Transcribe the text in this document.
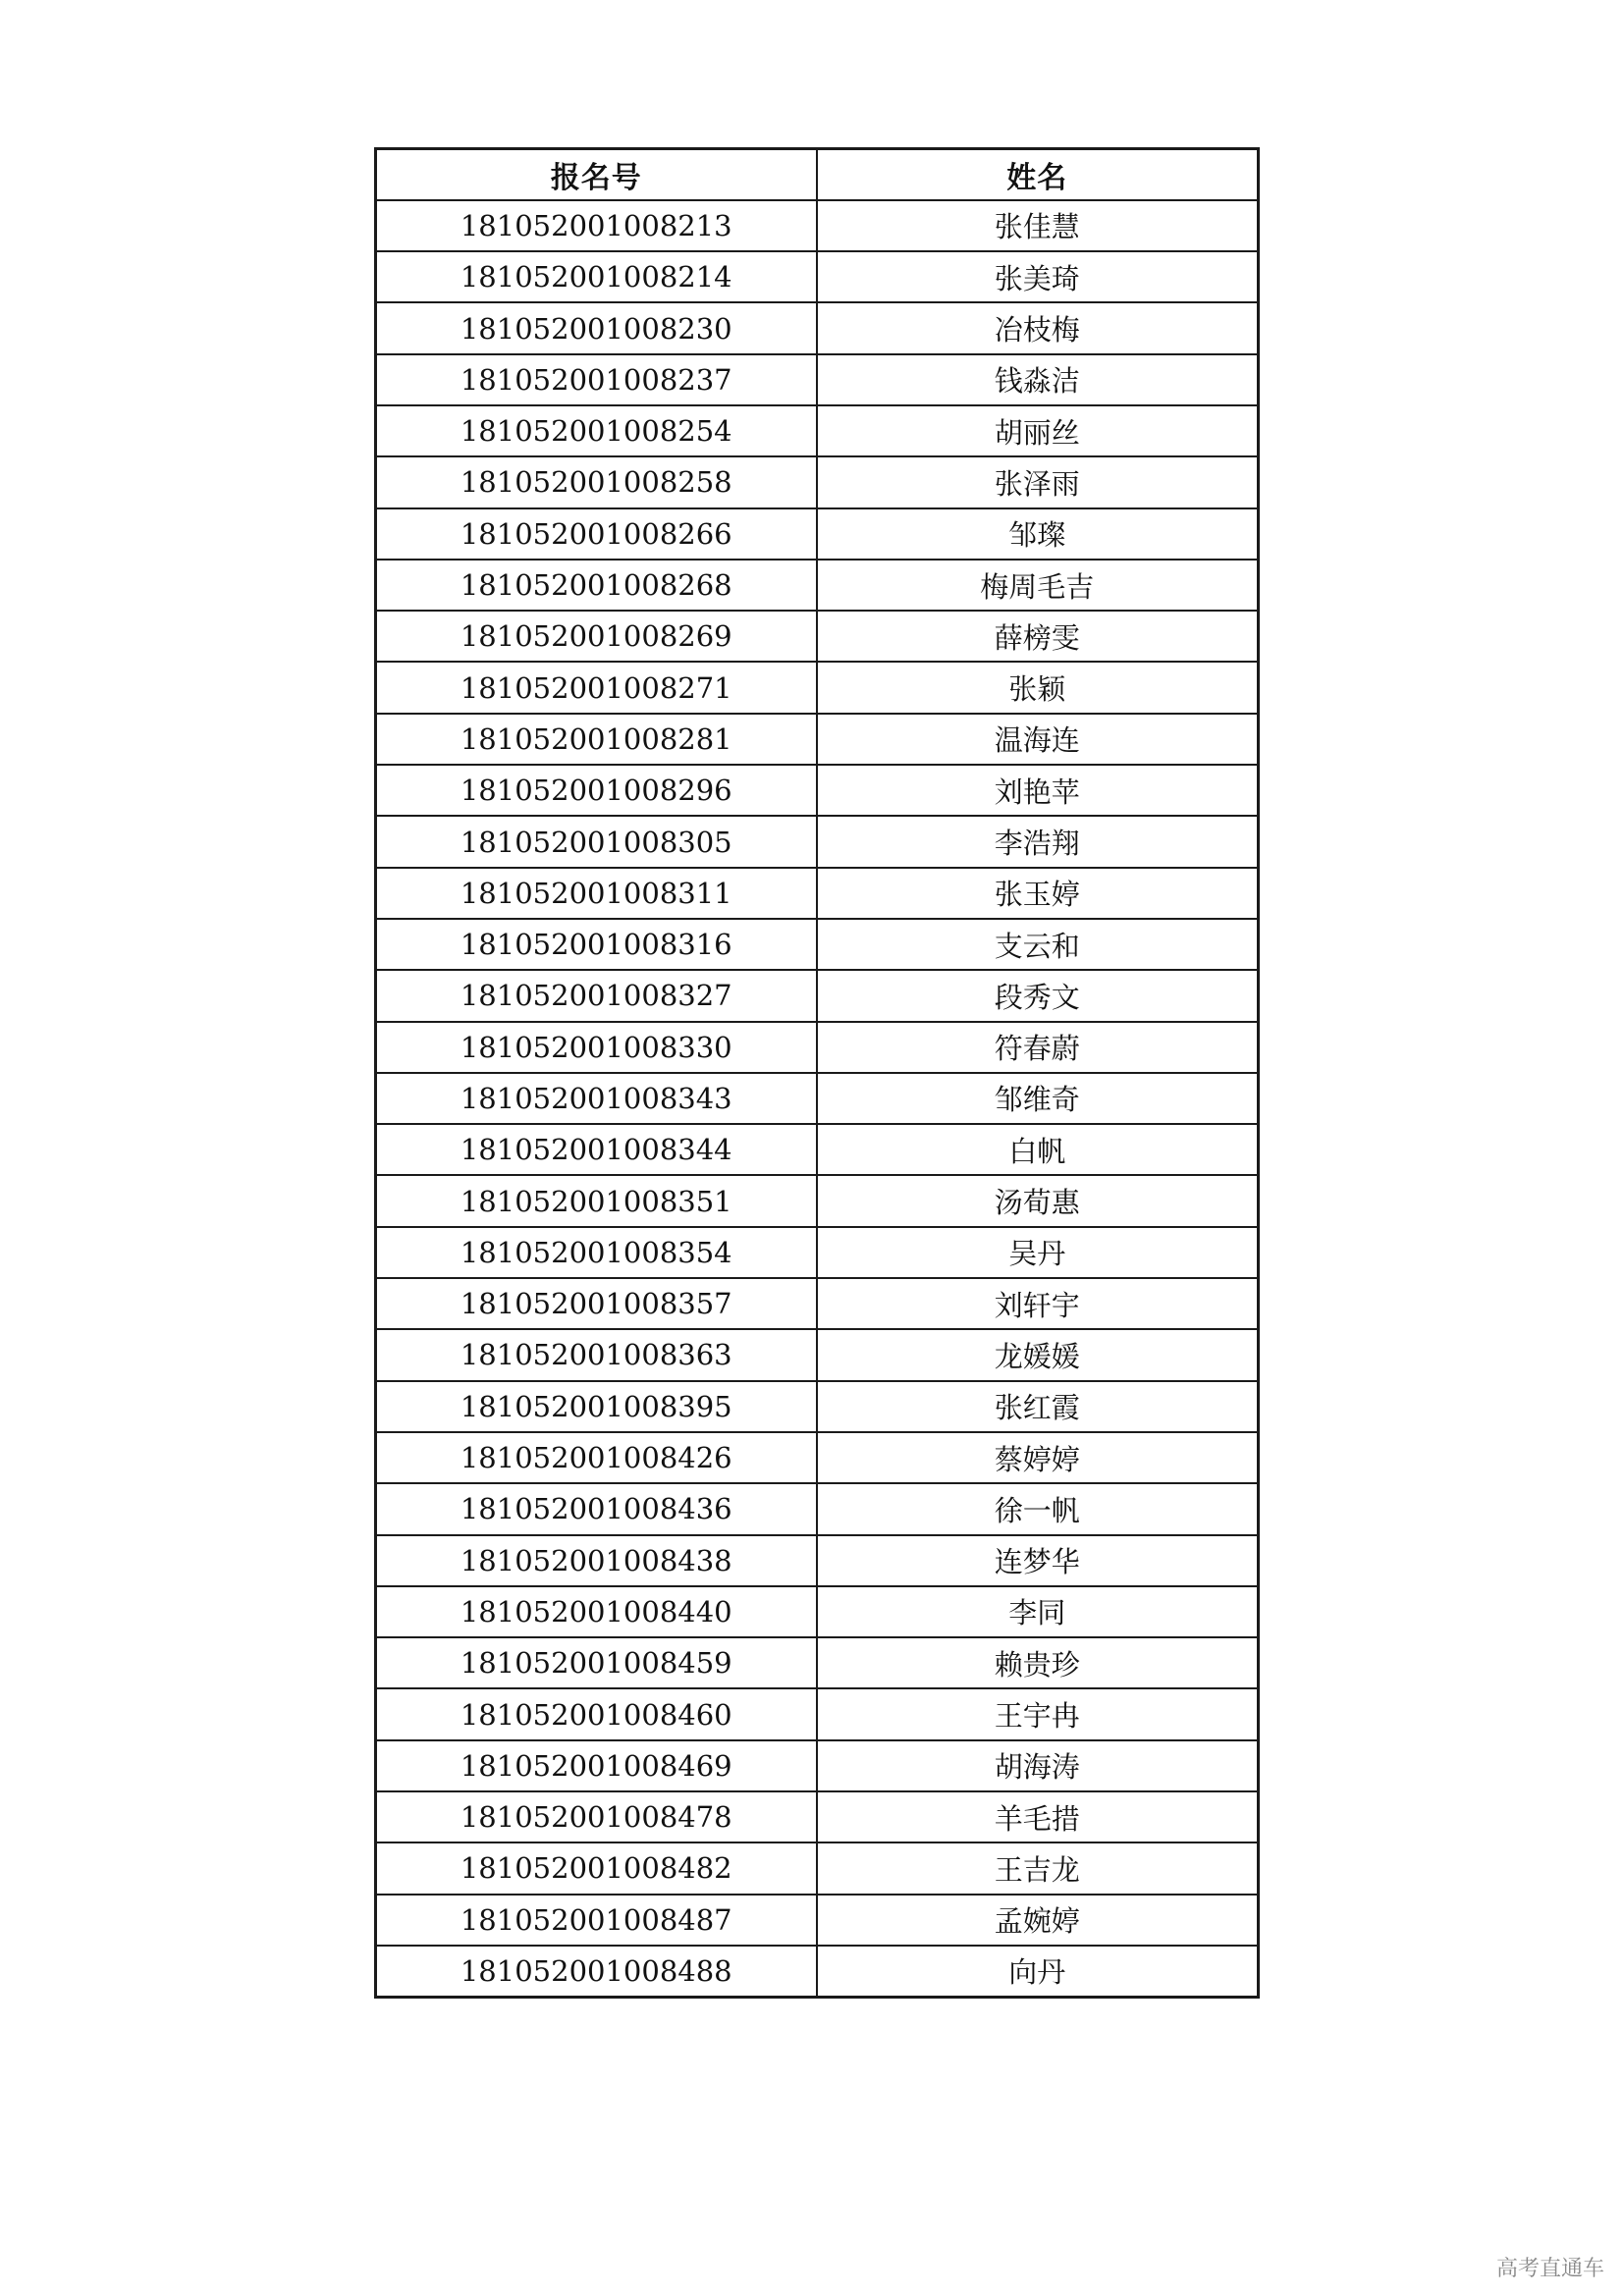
报名号	姓名
181052001008213	张佳慧
181052001008214	张美琦
181052001008230	冶枝梅
181052001008237	钱淼洁
181052001008254	胡丽丝
181052001008258	张泽雨
181052001008266	邹璨
181052001008268	梅周毛吉
181052001008269	薛榜雯
181052001008271	张颖
181052001008281	温海连
181052001008296	刘艳苹
181052001008305	李浩翔
181052001008311	张玉婷
181052001008316	支云和
181052001008327	段秀文
181052001008330	符春蔚
181052001008343	邹维奇
181052001008344	白帆
181052001008351	汤荀惠
181052001008354	吴丹
181052001008357	刘轩宇
181052001008363	龙媛媛
181052001008395	张红霞
181052001008426	蔡婷婷
181052001008436	徐一帆
181052001008438	连梦华
181052001008440	李同
181052001008459	赖贵珍
181052001008460	王宇冉
181052001008469	胡海涛
181052001008478	羊毛措
181052001008482	王吉龙
181052001008487	孟婉婷
181052001008488	向丹
高考直通车
